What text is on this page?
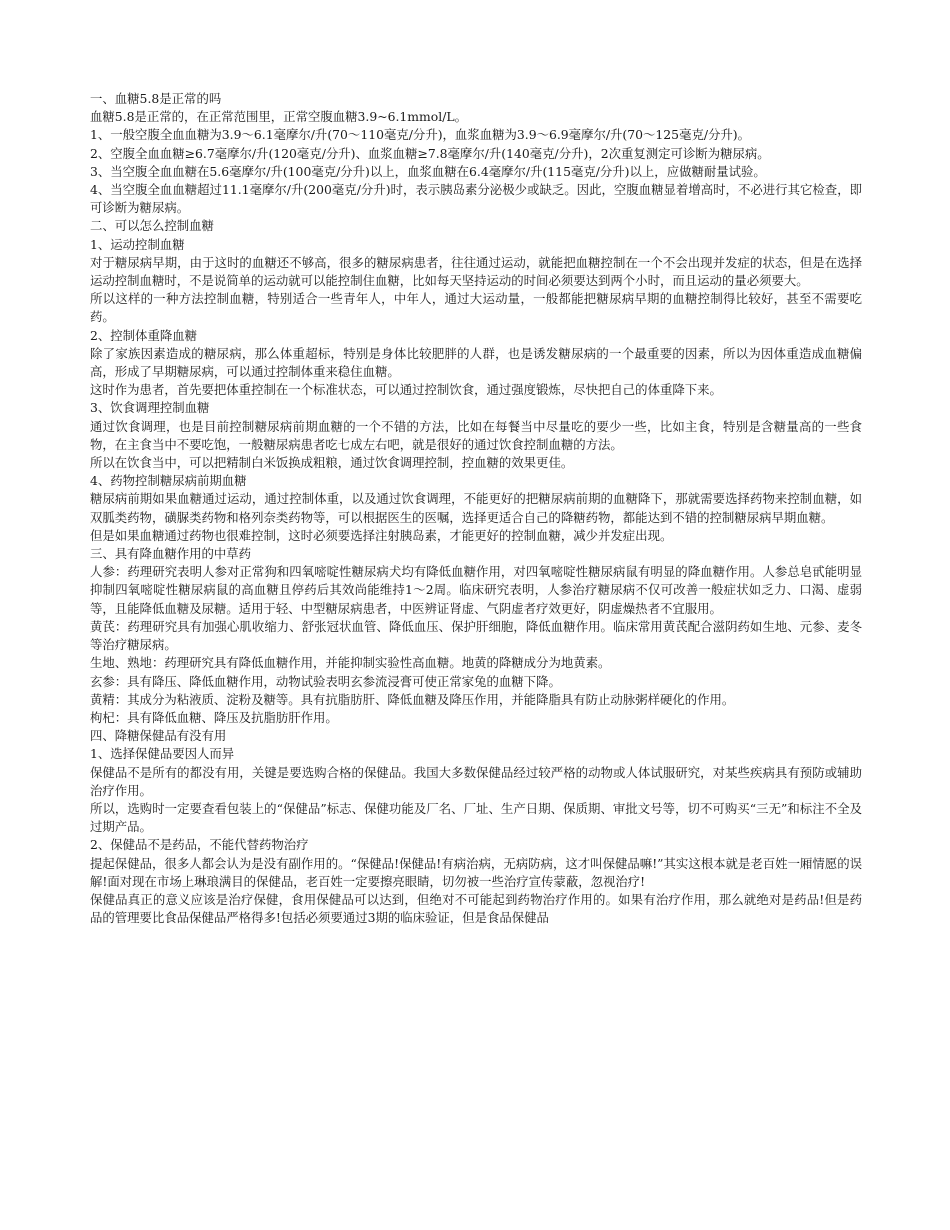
一、血糖5.8是正常的吗

血糖5.8是正常的，在正常范围里，正常空腹血糖3.9~6.1mmol/L。

1、一般空腹全血血糖为3.9～6.1毫摩尔/升(70～110毫克/分升)，血浆血糖为3.9～6.9毫摩尔/升(70～125毫克/分升)。

2、空腹全血血糖≥6.7毫摩尔/升(120毫克/分升)、血浆血糖≥7.8毫摩尔/升(140毫克/分升)，2次重复测定可诊断为糖尿病。

3、当空腹全血血糖在5.6毫摩尔/升(100毫克/分升)以上，血浆血糖在6.4毫摩尔/升(115毫克/分升)以上，应做糖耐量试验。

4、当空腹全血血糖超过11.1毫摩尔/升(200毫克/分升)时，表示胰岛素分泌极少或缺乏。因此，空腹血糖显着增高时，不必进行其它检查，即可诊断为糖尿病。

二、可以怎么控制血糖

1、运动控制血糖

对于糖尿病早期，由于这时的血糖还不够高，很多的糖尿病患者，往往通过运动，就能把血糖控制在一个不会出现并发症的状态，但是在选择运动控制血糖时，不是说简单的运动就可以能控制住血糖，比如每天坚持运动的时间必须要达到两个小时，而且运动的量必须要大。

所以这样的一种方法控制血糖，特别适合一些青年人，中年人，通过大运动量，一般都能把糖尿病早期的血糖控制得比较好，甚至不需要吃药。

2、控制体重降血糖

除了家族因素造成的糖尿病，那么体重超标，特别是身体比较肥胖的人群，也是诱发糖尿病的一个最重要的因素，所以为因体重造成血糖偏高，形成了早期糖尿病，可以通过控制体重来稳住血糖。

这时作为患者，首先要把体重控制在一个标准状态，可以通过控制饮食，通过强度锻炼，尽快把自己的体重降下来。

3、饮食调理控制血糖

通过饮食调理，也是目前控制糖尿病前期血糖的一个不错的方法，比如在每餐当中尽量吃的要少一些，比如主食，特别是含糖量高的一些食物，在主食当中不要吃饱，一般糖尿病患者吃七成左右吧，就是很好的通过饮食控制血糖的方法。

所以在饮食当中，可以把精制白米饭换成粗粮，通过饮食调理控制，控血糖的效果更佳。

4、药物控制糖尿病前期血糖

糖尿病前期如果血糖通过运动，通过控制体重，以及通过饮食调理，不能更好的把糖尿病前期的血糖降下，那就需要选择药物来控制血糖，如双胍类药物，磺脲类药物和格列奈类药物等，可以根据医生的医嘱，选择更适合自己的降糖药物，都能达到不错的控制糖尿病早期血糖。

但是如果血糖通过药物也很难控制，这时必须要选择注射胰岛素，才能更好的控制血糖，减少并发症出现。

三、具有降血糖作用的中草药

人参：药理研究表明人参对正常狗和四氧嘧啶性糖尿病犬均有降低血糖作用，对四氧嘧啶性糖尿病鼠有明显的降血糖作用。人参总皂甙能明显抑制四氧嘧啶性糖尿病鼠的高血糖且停药后其效尚能维持1～2周。临床研究表明，人参治疗糖尿病不仅可改善一般症状如乏力、口渴、虚弱等，且能降低血糖及尿糖。适用于轻、中型糖尿病患者，中医辨证肾虚、气阴虚者疗效更好，阴虚燥热者不宜服用。

黄芪：药理研究具有加强心肌收缩力、舒张冠状血管、降低血压、保护肝细胞，降低血糖作用。临床常用黄芪配合滋阴药如生地、元参、麦冬等治疗糖尿病。

生地、熟地：药理研究具有降低血糖作用，并能抑制实验性高血糖。地黄的降糖成分为地黄素。

玄参：具有降压、降低血糖作用，动物试验表明玄参流浸膏可使正常家兔的血糖下降。

黄精：其成分为粘液质、淀粉及糖等。具有抗脂肪肝、降低血糖及降压作用，并能降脂具有防止动脉粥样硬化的作用。

枸杞：具有降低血糖、降压及抗脂肪肝作用。

四、降糖保健品有没有用

1、选择保健品要因人而异

保健品不是所有的都没有用，关键是要选购合格的保健品。我国大多数保健品经过较严格的动物或人体试服研究，对某些疾病具有预防或辅助治疗作用。

所以，选购时一定要查看包装上的“保健品”标志、保健功能及厂名、厂址、生产日期、保质期、审批文号等，切不可购买“三无”和标注不全及过期产品。

2、保健品不是药品，不能代替药物治疗

提起保健品，很多人都会认为是没有副作用的。“保健品!保健品!有病治病，无病防病，这才叫保健品嘛!”其实这根本就是老百姓一厢情愿的误解!面对现在市场上琳琅满目的保健品，老百姓一定要擦亮眼睛，切勿被一些治疗宣传蒙蔽，忽视治疗!

保健品真正的意义应该是治疗保健，食用保健品可以达到，但绝对不可能起到药物治疗作用的。如果有治疗作用，那么就绝对是药品!但是药品的管理要比食品保健品严格得多!包括必须要通过3期的临床验证，但是食品保健品
